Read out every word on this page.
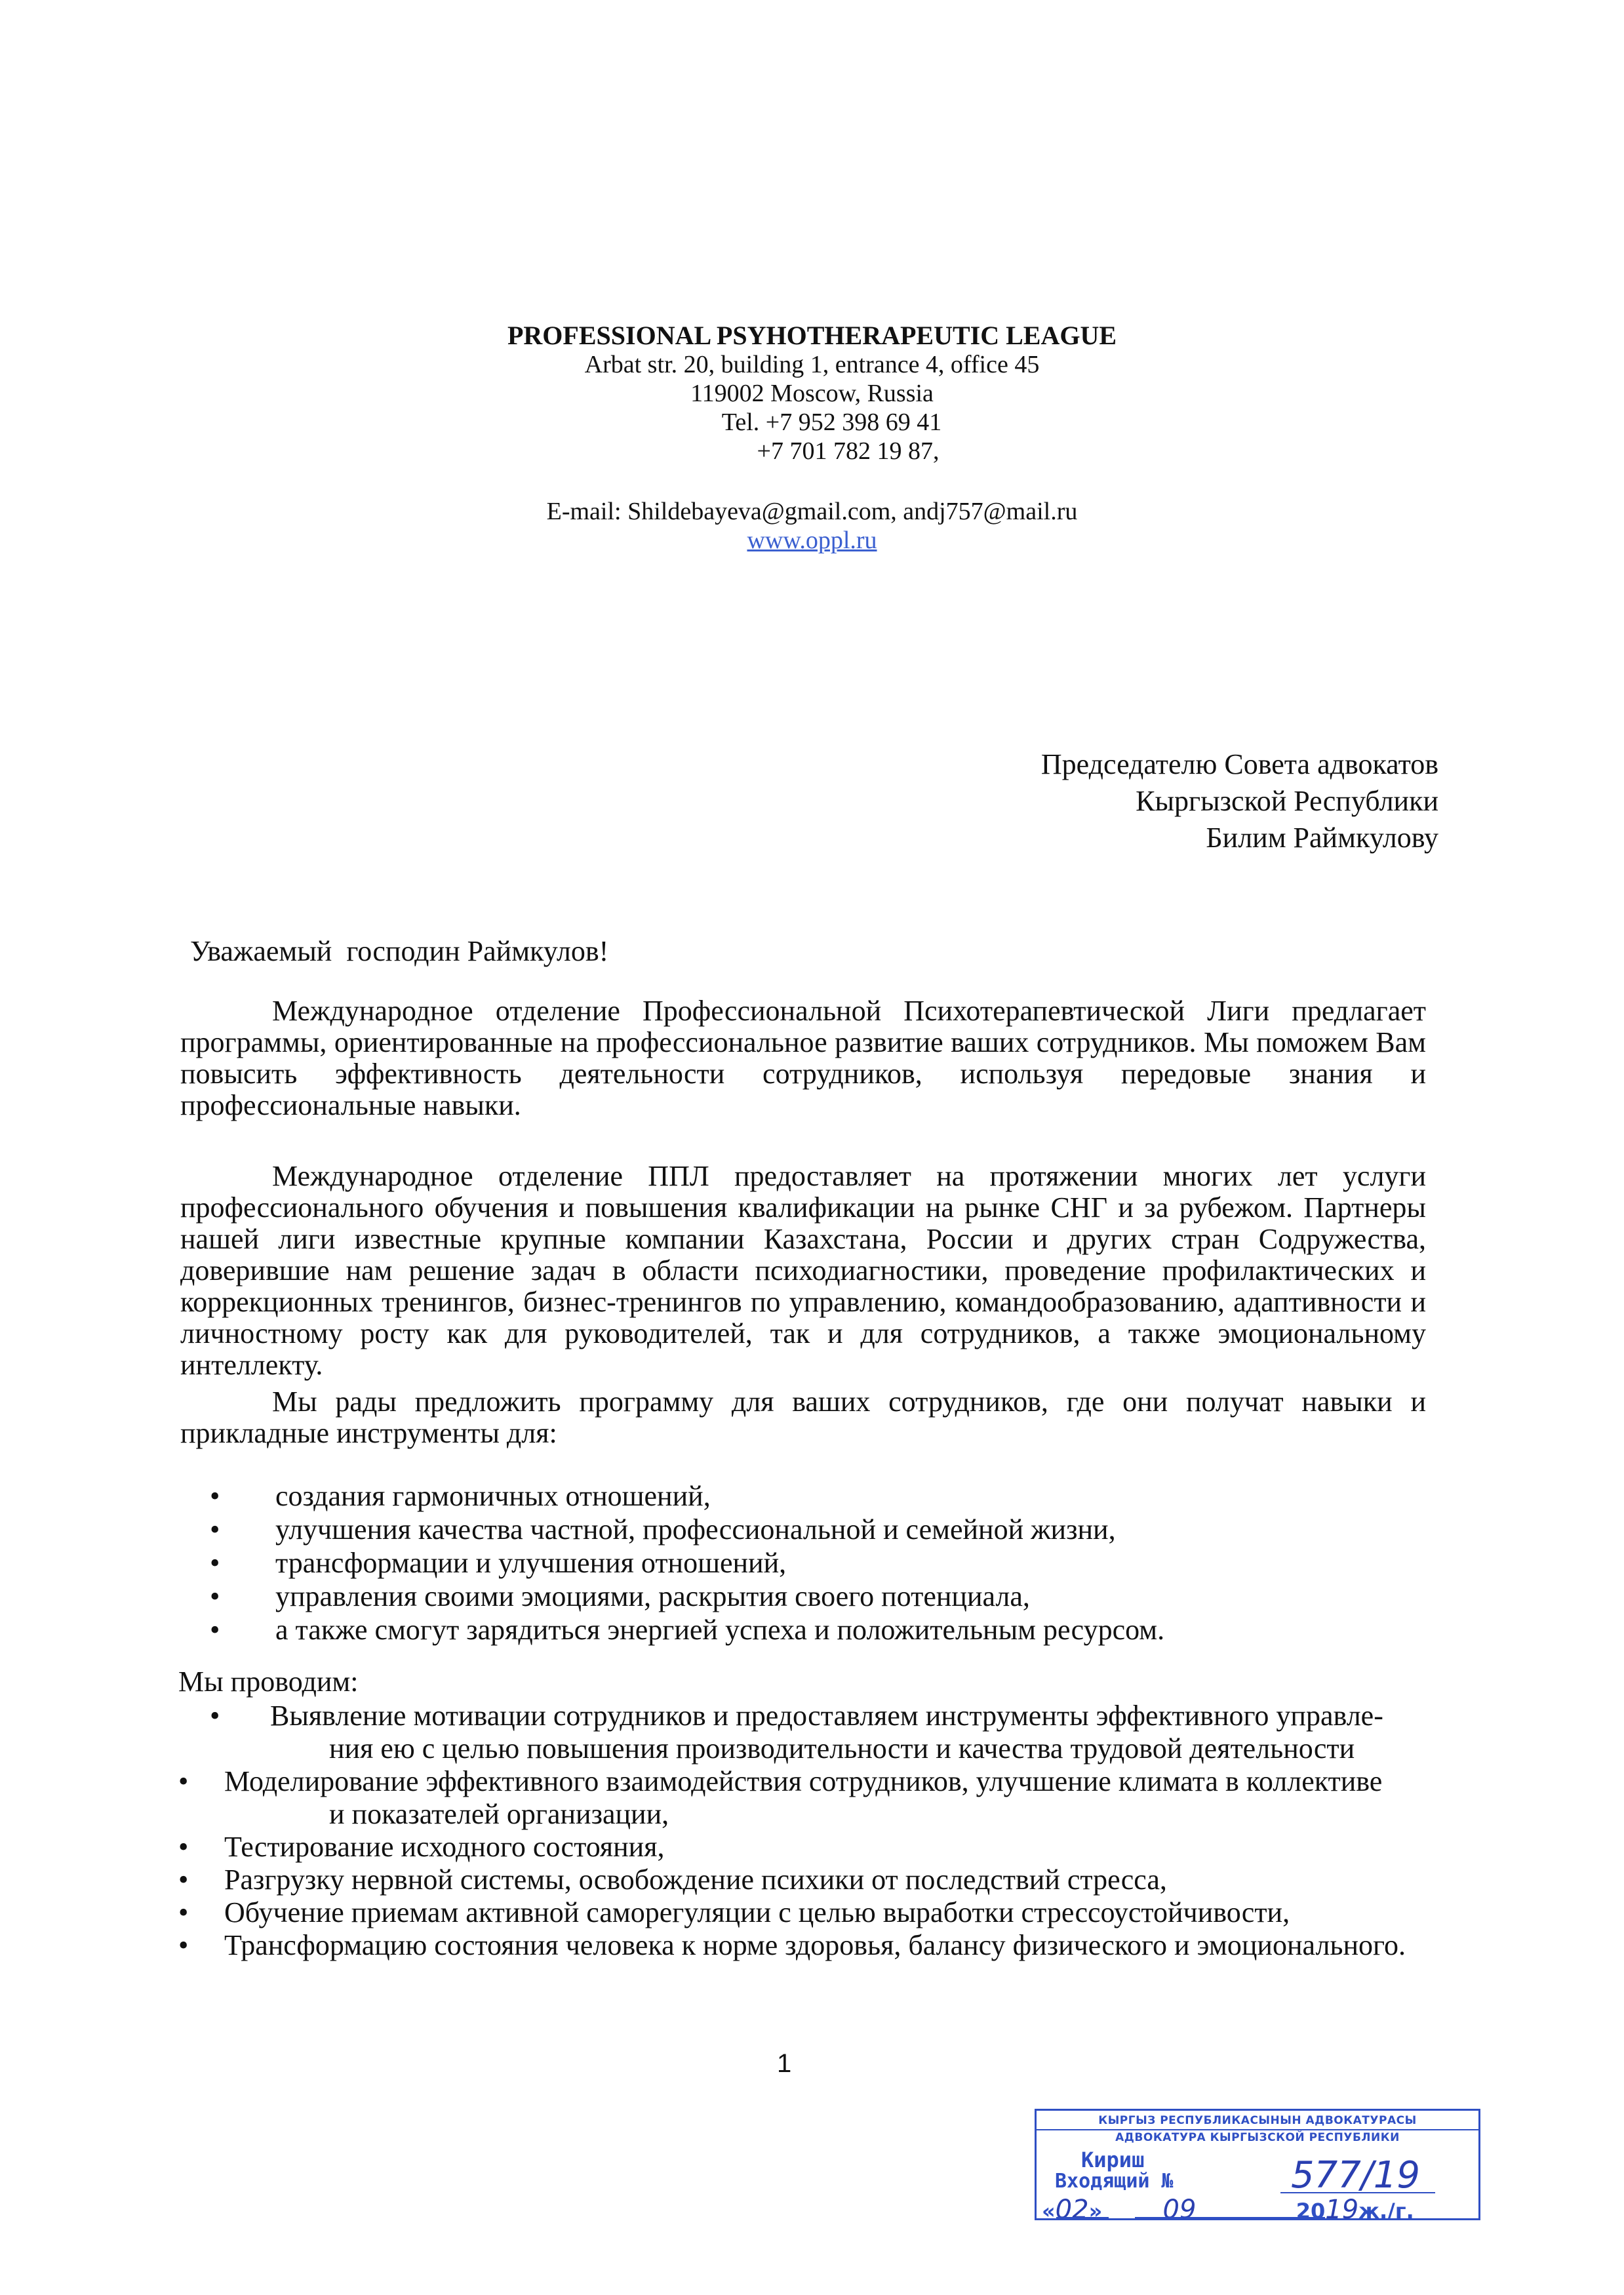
PROFESSIONAL PSYHOTHERAPEUTIC LEAGUE
Arbat str. 20, building 1, entrance 4, office 45
119002 Moscow, Russia
Tel. +7 952 398 69 41
+7 701 782 19 87,
E-mail: Shildebayeva@gmail.com, andj757@mail.ru
www.oppl.ru
Председателю Совета адвокатов
Кыргызской Республики
Билим Раймкулову
Уважаемый  господин Раймкулов!
Международное отделение Профессиональной Психотерапевтической Лиги предлагает программы, ориентированные на профессиональное развитие ваших сотрудников. Мы поможем Вам повысить эффективность деятельности сотрудников, используя передовые знания и профессиональные навыки.
Международное отделение ППЛ предоставляет на протяжении многих лет услуги профессионального обучения и повышения квалификации на рынке СНГ и за рубежом. Партнеры нашей лиги известные крупные компании Казахстана, России и других стран Содружества, доверившие нам решение задач в области психодиагностики, проведение профилактических и коррекционных тренингов, бизнес-тренингов по управлению, командообразованию, адаптивности и личностному росту как для руководителей, так и для сотрудников, а также эмоциональному интеллекту.
Мы рады предложить программу для ваших сотрудников, где они получат навыки и прикладные инструменты для:
• создания гармоничных отношений,
• улучшения качества частной, профессиональной и семейной жизни,
• трансформации и улучшения отношений,
• управления своими эмоциями, раскрытия своего потенциала,
• а также смогут зарядиться энергией успеха и положительным ресурсом.
Мы проводим:
• Выявление мотивации сотрудников и предоставляем инструменты эффективного управле-
ния ею с целью повышения производительности и качества трудовой деятельности
• Моделирование эффективного взаимодействия сотрудников, улучшение климата в коллективе
и показателей организации,
• Тестирование исходного состояния,
• Разгрузку нервной системы, освобождение психики от последствий стресса,
• Обучение приемам активной саморегуляции с целью выработки стрессоустойчивости,
• Трансформацию состояния человека к норме здоровья, балансу физического и эмоционального.
1
КЫРГЫЗ РЕСПУБЛИКАСЫНЫН АДВОКАТУРАСЫ
АДВОКАТУРА КЫРГЫЗСКОЙ РЕСПУБЛИКИ
Кириш
Входящий №	577/19
«02» 09	2019ж./г.
